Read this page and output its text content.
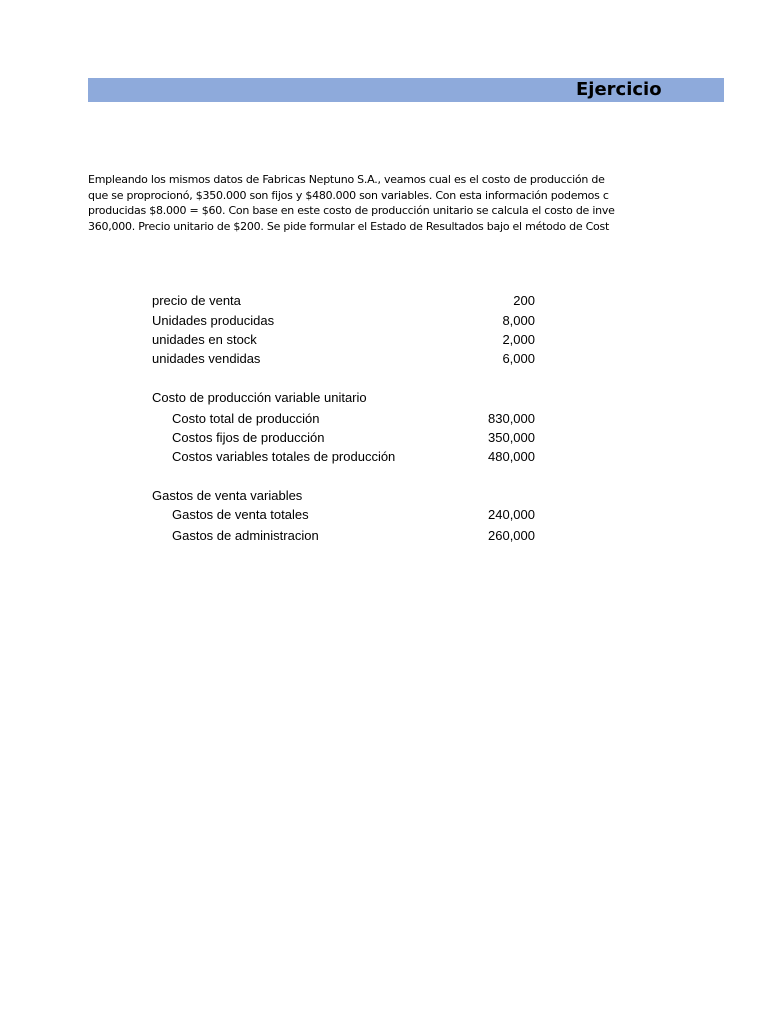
Ejercicio
Empleando los mismos datos de Fabricas Neptuno S.A., veamos cual es el costo de producción de
que se proprocionó, $350.000 son fijos y $480.000 son variables. Con esta información podemos c
producidas $8.000 = $60. Con base en este costo de producción unitario se calcula el costo de inve
360,000. Precio unitario de $200. Se pide formular el Estado de Resultados bajo el método de Cost
precio de venta	200
Unidades producidas	8,000
unidades en stock	2,000
unidades vendidas	6,000
Costo de producción variable unitario
Costo total de producción	830,000
Costos fijos de producción	350,000
Costos variables totales de producción	480,000
Gastos de venta variables
Gastos de venta totales	240,000
Gastos de administracion	260,000
